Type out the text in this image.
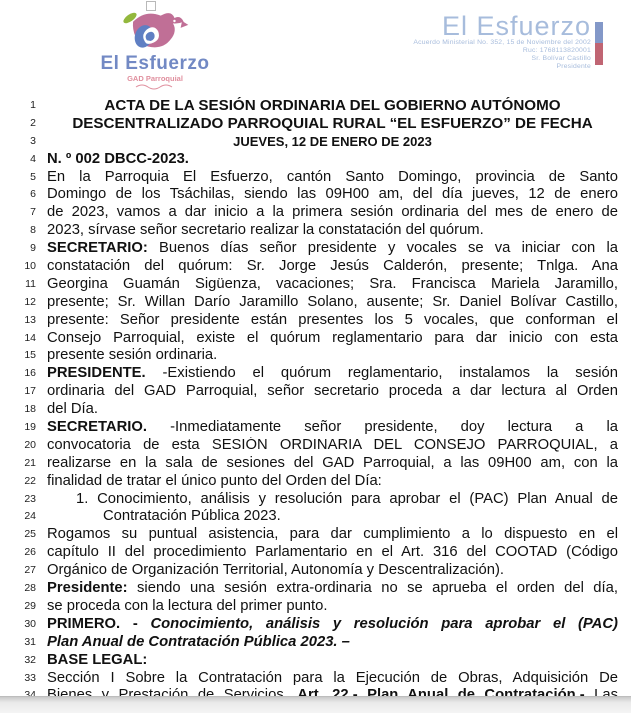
El Esfuerzo
GAD Parroquial
El Esfuerzo
Acuerdo Ministerial No. 352, 15 de Noviembre del 2002
Ruc: 1768113820001
Sr. Bolívar Castillo
Presidente
1	ACTA DE LA SESIÓN ORDINARIA DEL GOBIERNO AUTÓNOMO
2	DESCENTRALIZADO PARROQUIAL RURAL “EL ESFUERZO” DE FECHA
3	JUEVES, 12 DE ENERO DE 2023
4 N. º 002 DBCC-2023.
5 En la Parroquia El Esfuerzo, cantón Santo Domingo, provincia de Santo
6 Domingo de los Tsáchilas, siendo las 09H00 am, del día jueves, 12 de enero
7 de 2023, vamos a dar inicio a la primera sesión ordinaria del mes de enero de
8 2023, sírvase señor secretario realizar la constatación del quórum.
9 SECRETARIO: Buenos días señor presidente y vocales se va iniciar con la
10 constatación del quórum: Sr. Jorge Jesús Calderón, presente; Tnlga. Ana
11 Georgina Guamán Sigüenza, vacaciones; Sra. Francisca Mariela Jaramillo,
12 presente; Sr. Willan Darío Jaramillo Solano, ausente; Sr. Daniel Bolívar Castillo,
13 presente: Señor presidente están presentes los 5 vocales, que conforman el
14 Consejo Parroquial, existe el quórum reglamentario para dar inicio con esta
15 presente sesión ordinaria.
16 PRESIDENTE. -Existiendo el quórum reglamentario, instalamos la sesión
17 ordinaria del GAD Parroquial, señor secretario proceda a dar lectura al Orden
18 del Día.
19 SECRETARIO. -Inmediatamente señor presidente, doy lectura a la
20 convocatoria de esta SESIÓN ORDINARIA DEL CONSEJO PARROQUIAL, a
21 realizarse en la sala de sesiones del GAD Parroquial, a las 09H00 am, con la
22 finalidad de tratar el único punto del Orden del Día:
23	1. Conocimiento, análisis y resolución para aprobar el (PAC) Plan Anual de
24	Contratación Pública 2023.
25 Rogamos su puntual asistencia, para dar cumplimiento a lo dispuesto en el
26 capítulo II del procedimiento Parlamentario en el Art. 316 del COOTAD (Código
27 Orgánico de Organización Territorial, Autonomía y Descentralización).
28 Presidente: siendo una sesión extra-ordinaria no se aprueba el orden del día,
29 se proceda con la lectura del primer punto.
30 PRIMERO. - Conocimiento, análisis y resolución para aprobar el (PAC)
31 Plan Anual de Contratación Pública 2023. –
32 BASE LEGAL:
33 Sección I Sobre la Contratación para la Ejecución de Obras, Adquisición De
